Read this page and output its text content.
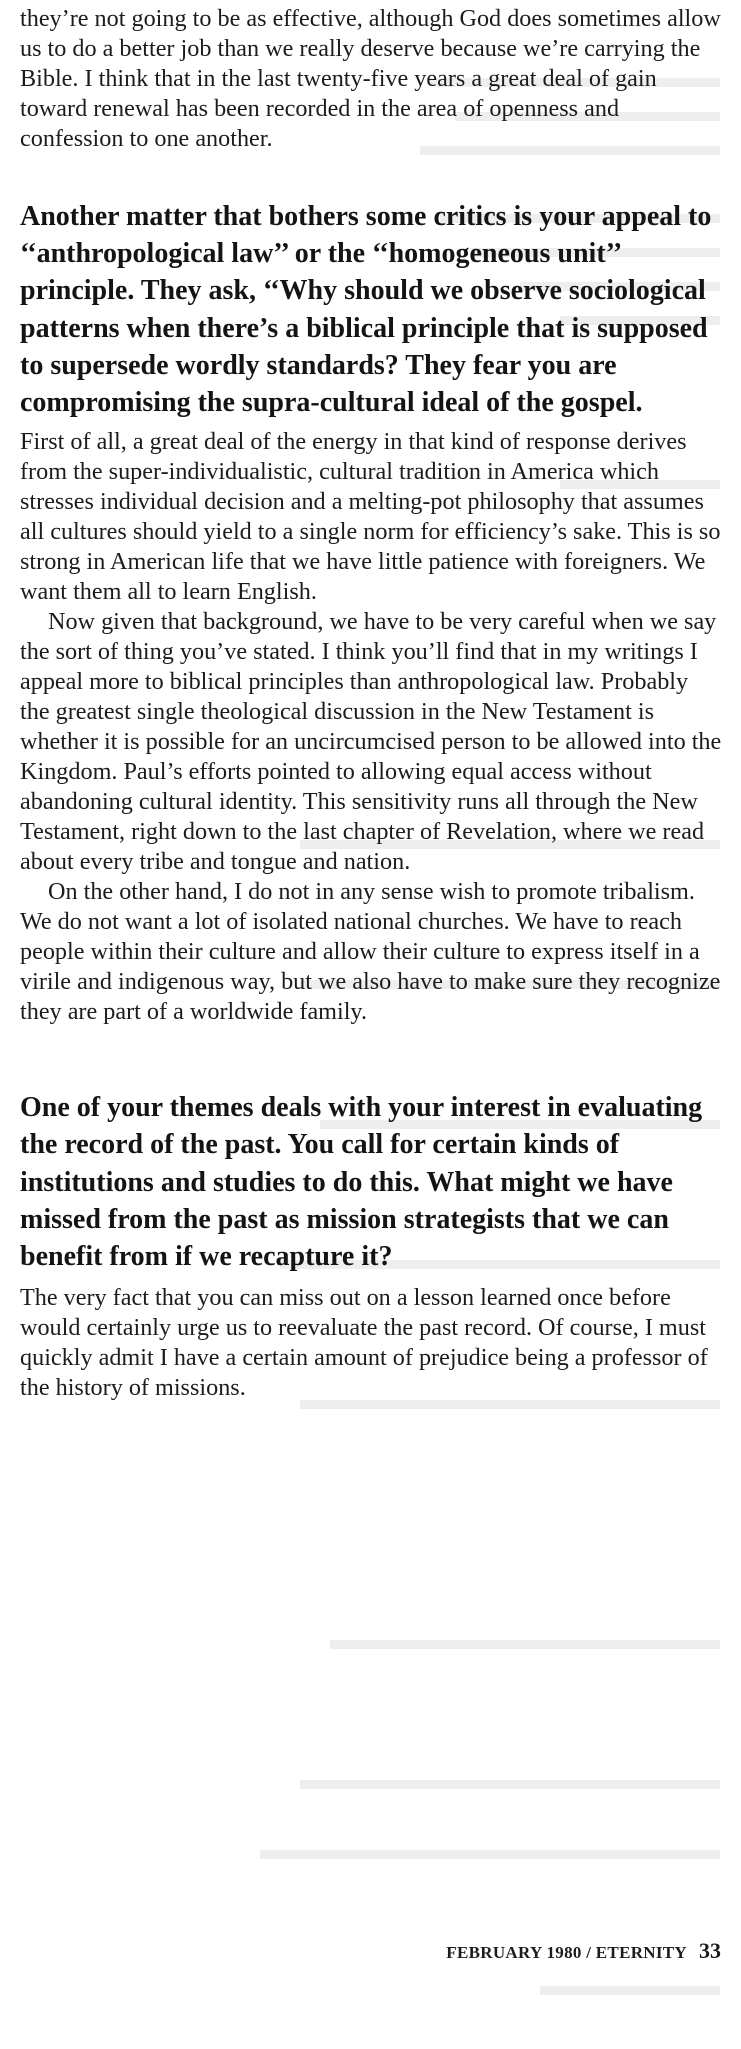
they’re not going to be as effective, although God does sometimes allow us to do a better job than we really deserve because we’re carrying the Bible. I think that in the last twenty-five years a great deal of gain toward renewal has been recorded in the area of openness and confession to one another.

Another matter that bothers some critics is your appeal to ‘‘anthropological law’’ or the ‘‘homogeneous unit’’ principle. They ask, ‘‘Why should we observe sociological patterns when there’s a biblical principle that is supposed to supersede wordly standards? They fear you are compromising the supra-cultural ideal of the gospel.

First of all, a great deal of the energy in that kind of response derives from the super-individualistic, cultural tradition in America which stresses individual decision and a melting-pot philosophy that assumes all cultures should yield to a single norm for efficiency’s sake. This is so strong in American life that we have little patience with foreigners. We want them all to learn English.

Now given that background, we have to be very careful when we say the sort of thing you’ve stated. I think you’ll find that in my writings I appeal more to biblical principles than anthropological law. Probably the greatest single theological discussion in the New Testament is whether it is possible for an uncircumcised person to be allowed into the Kingdom. Paul’s efforts pointed to allowing equal access without abandoning cultural identity. This sensitivity runs all through the New Testament, right down to the last chapter of Revelation, where we read about every tribe and tongue and nation.

On the other hand, I do not in any sense wish to promote tribalism. We do not want a lot of isolated national churches. We have to reach people within their culture and allow their culture to express itself in a virile and indigenous way, but we also have to make sure they recognize they are part of a worldwide family.

One of your themes deals with your interest in evaluating the record of the past. You call for certain kinds of institutions and studies to do this. What might we have missed from the past as mission strategists that we can benefit from if we recapture it?

The very fact that you can miss out on a lesson learned once before would certainly urge us to reevaluate the past record. Of course, I must quickly admit I have a certain amount of prejudice being a professor of the history of missions.

FEBRUARY 1980 / ETERNITY 33
